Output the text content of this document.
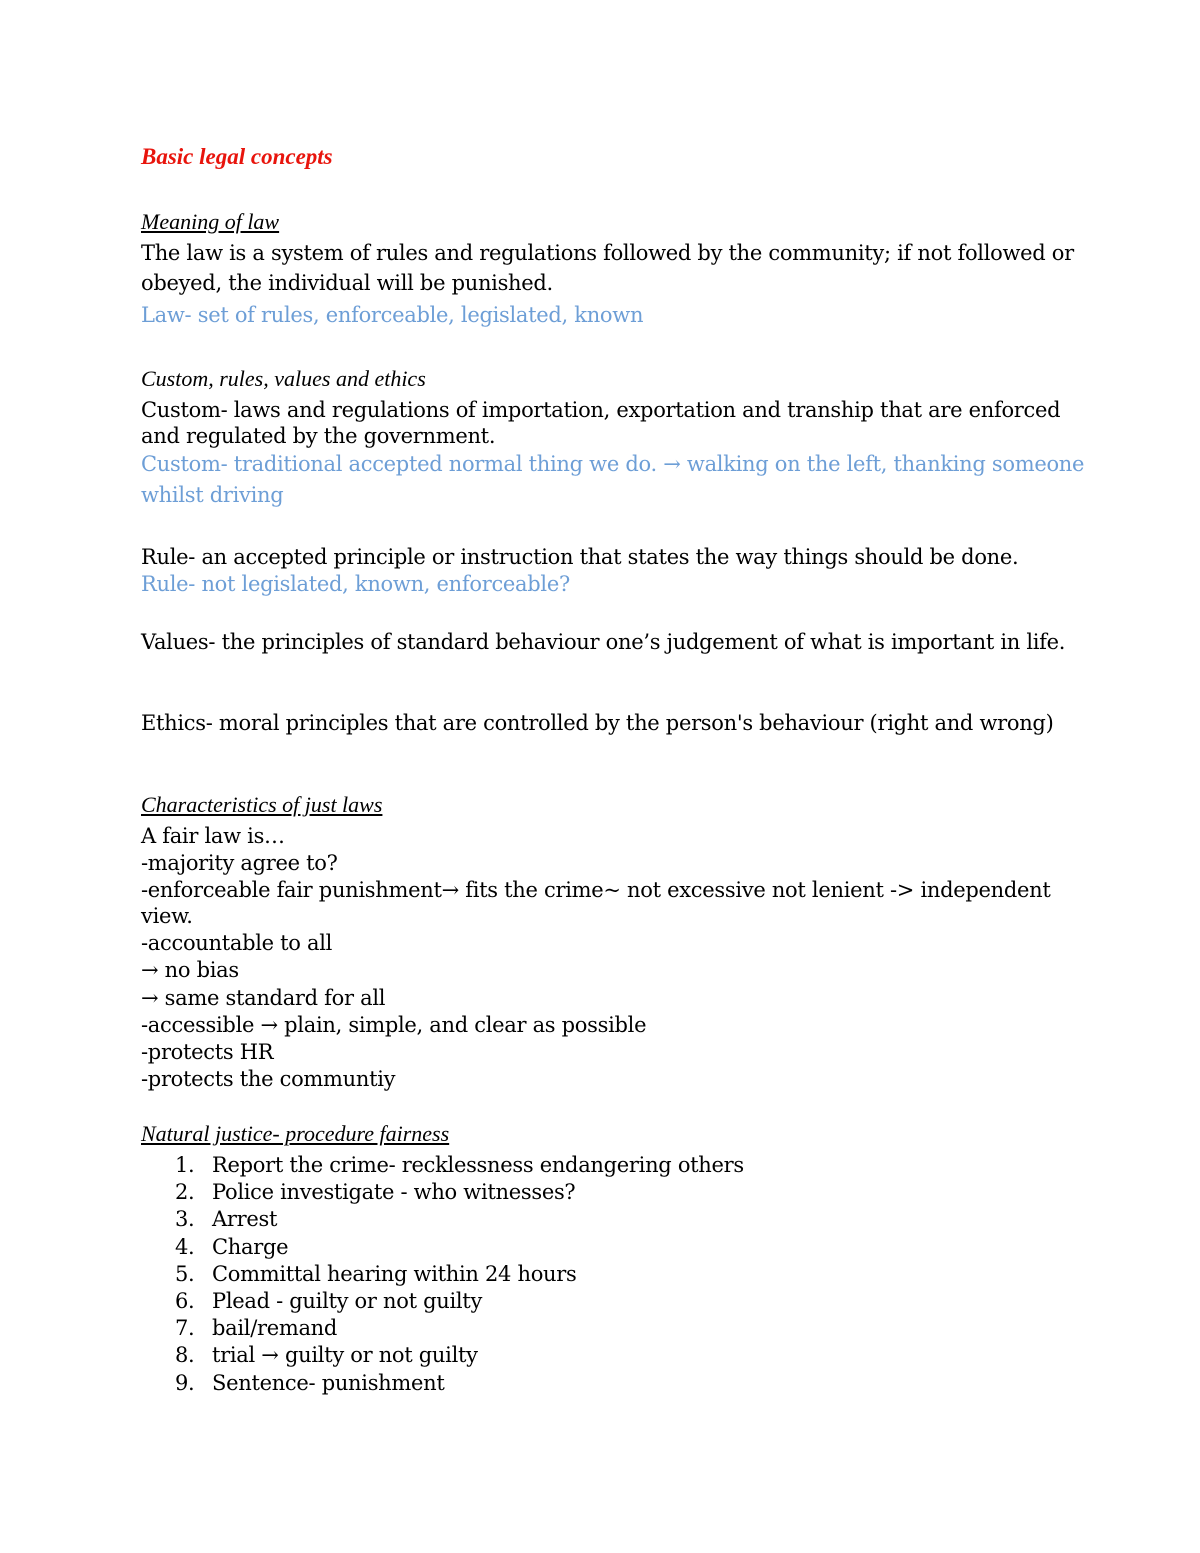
Basic legal concepts
Meaning of law
The law is a system of rules and regulations followed by the community; if not followed or
obeyed, the individual will be punished.
Law- set of rules, enforceable, legislated, known
Custom, rules, values and ethics
Custom- laws and regulations of importation, exportation and tranship that are enforced
and regulated by the government.
Custom- traditional accepted normal thing we do. → walking on the left, thanking someone
whilst driving
Rule- an accepted principle or instruction that states the way things should be done.
Rule- not legislated, known, enforceable?
Values- the principles of standard behaviour one’s judgement of what is important in life.
Ethics- moral principles that are controlled by the person's behaviour (right and wrong)
Characteristics of just laws
A fair law is…
-majority agree to?
-enforceable fair punishment→ fits the crime~ not excessive not lenient -> independent
view.
-accountable to all
→ no bias
→ same standard for all
-accessible → plain, simple, and clear as possible
-protects HR
-protects the communtiy
Natural justice- procedure fairness
1. Report the crime- recklessness endangering others
2. Police investigate - who witnesses?
3. Arrest
4. Charge
5. Committal hearing within 24 hours
6. Plead - guilty or not guilty
7. bail/remand
8. trial → guilty or not guilty
9. Sentence- punishment
